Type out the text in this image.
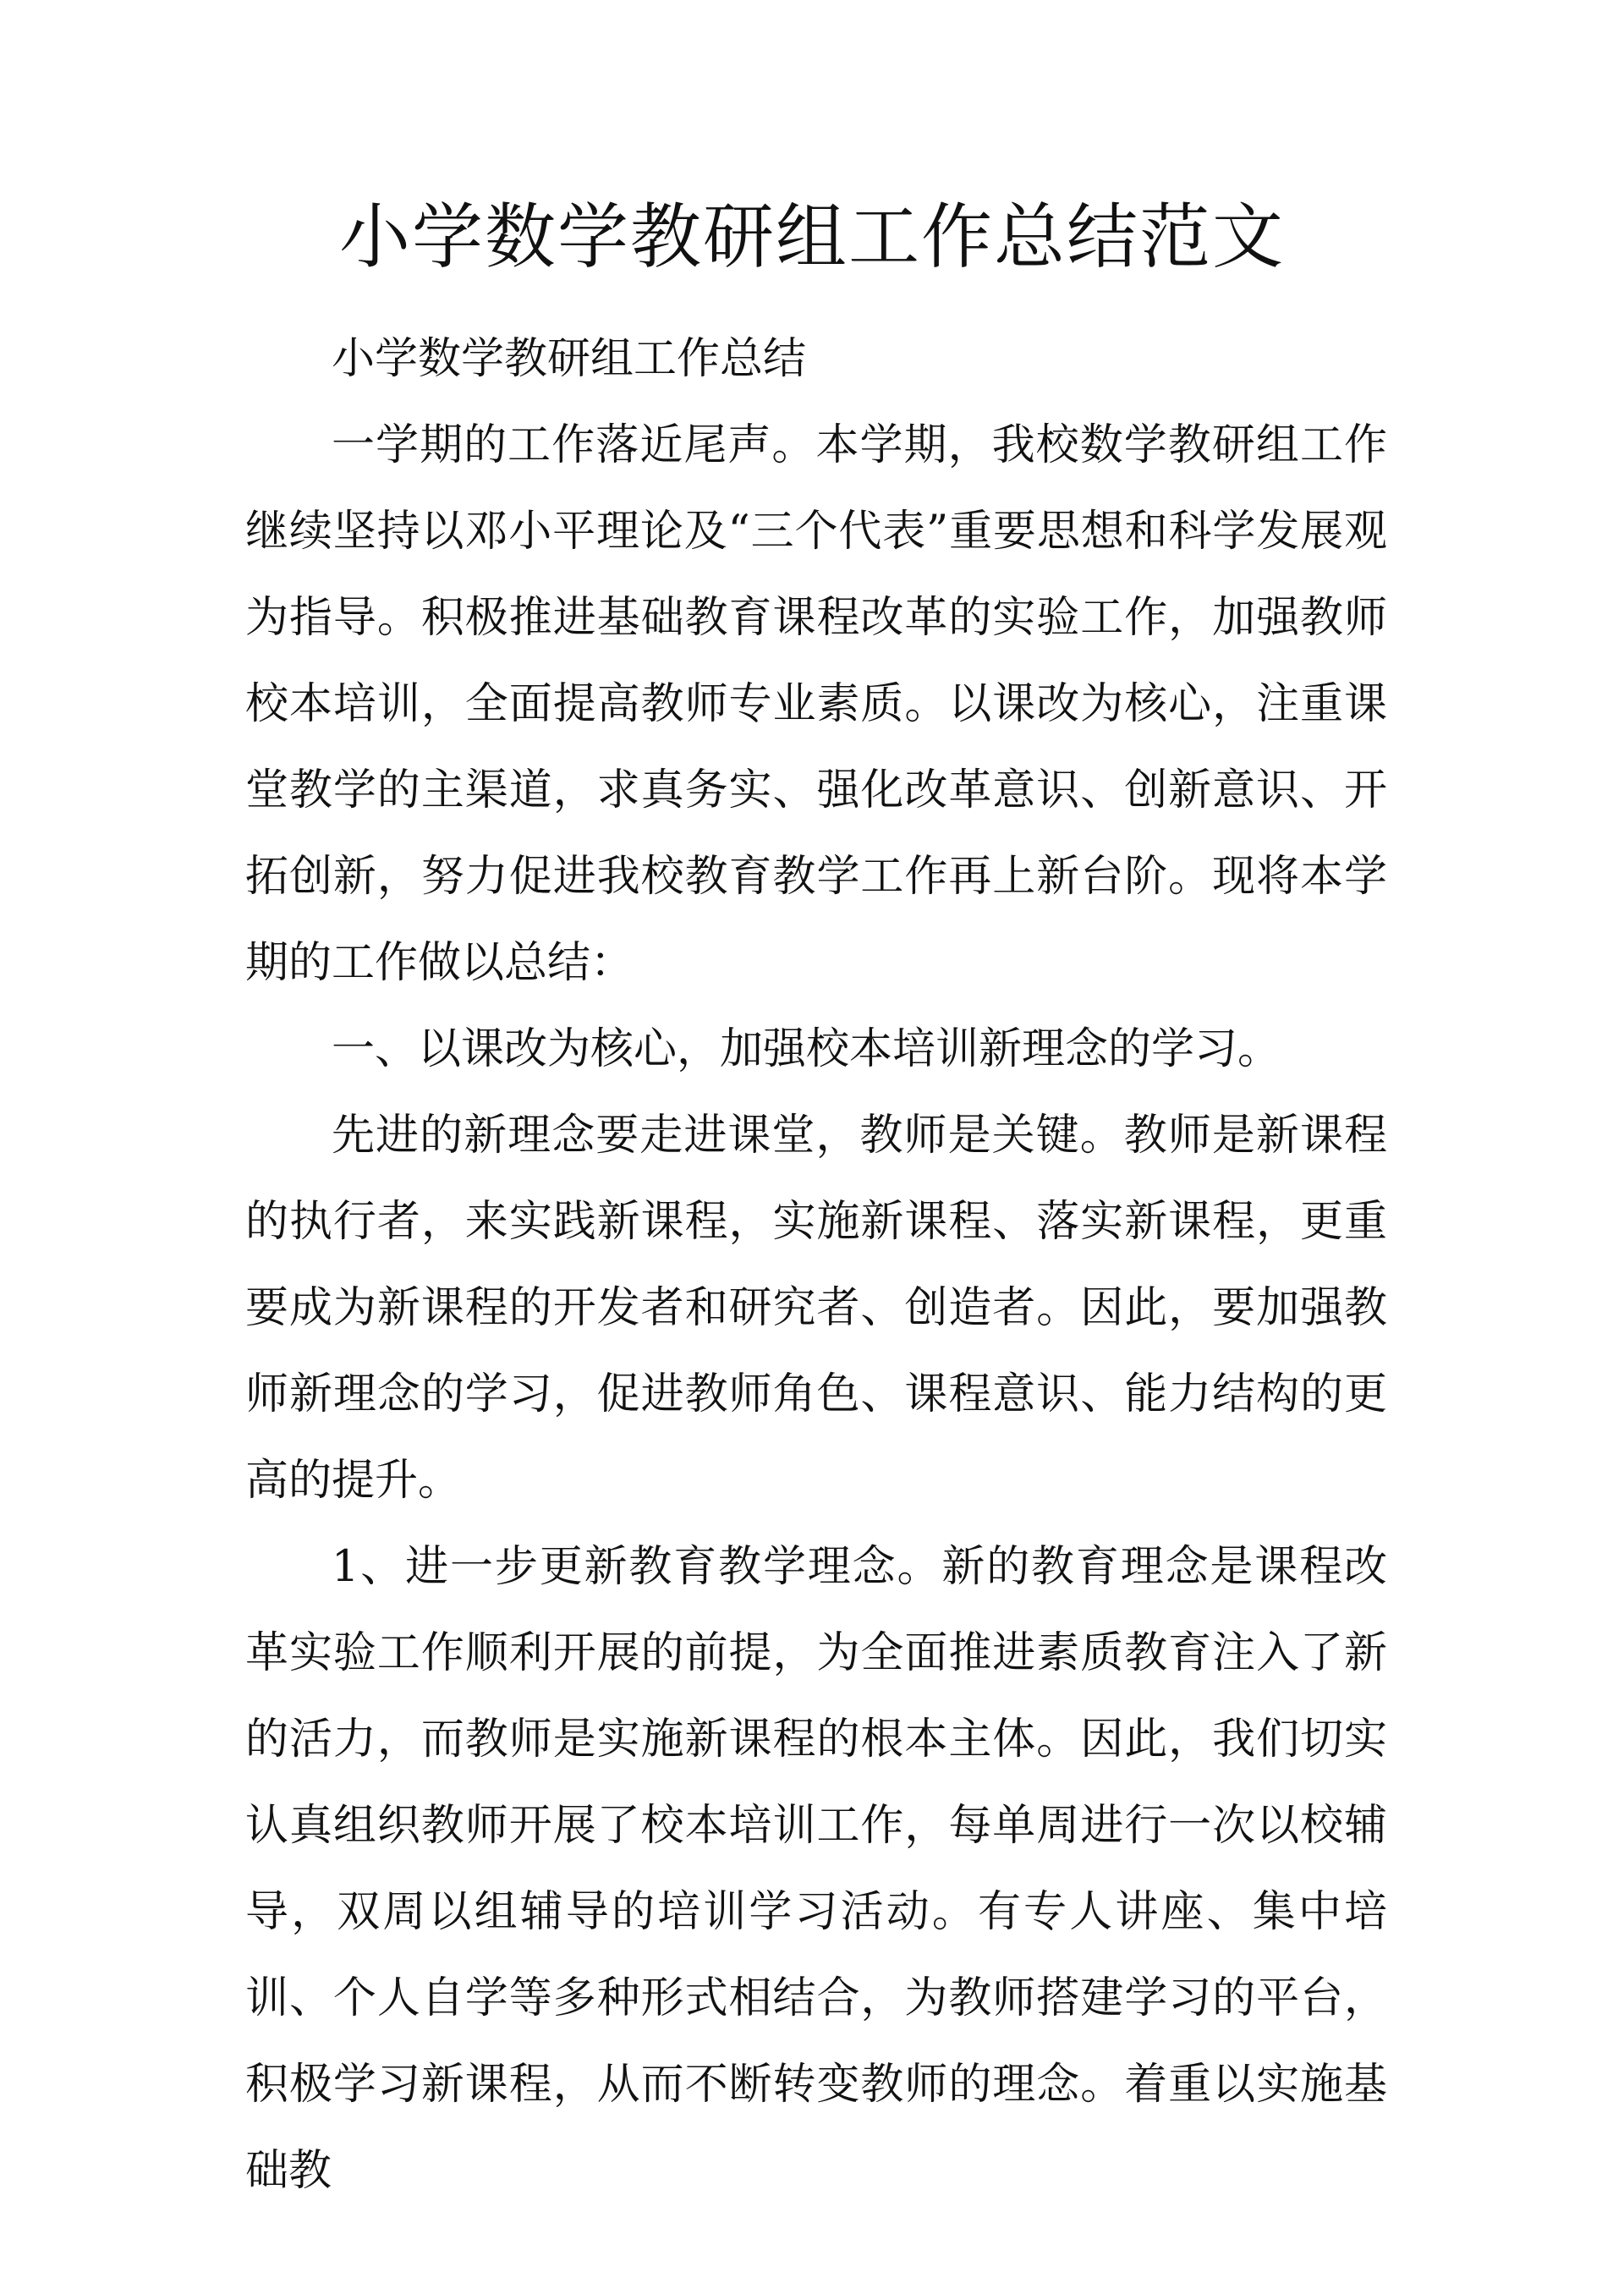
小学数学教研组工作总结范文

小学数学教研组工作总结

一学期的工作落近尾声。本学期，我校数学教研组工作继续坚持以邓小平理论及“三个代表”重要思想和科学发展观为指导。积极推进基础教育课程改革的实验工作，加强教师校本培训，全面提高教师专业素质。以课改为核心，注重课堂教学的主渠道，求真务实、强化改革意识、创新意识、开拓创新，努力促进我校教育教学工作再上新台阶。现将本学期的工作做以总结：

一、以课改为核心，加强校本培训新理念的学习。

先进的新理念要走进课堂，教师是关键。教师是新课程的执行者，来实践新课程，实施新课程、落实新课程，更重要成为新课程的开发者和研究者、创造者。因此，要加强教师新理念的学习，促进教师角色、课程意识、能力结构的更高的提升。

1、进一步更新教育教学理念。新的教育理念是课程改革实验工作顺利开展的前提，为全面推进素质教育注入了新的活力，而教师是实施新课程的根本主体。因此，我们切实认真组织教师开展了校本培训工作，每单周进行一次以校辅导，双周以组辅导的培训学习活动。有专人讲座、集中培训、个人自学等多种形式相结合，为教师搭建学习的平台，积极学习新课程，从而不断转变教师的理念。着重以实施基础教
